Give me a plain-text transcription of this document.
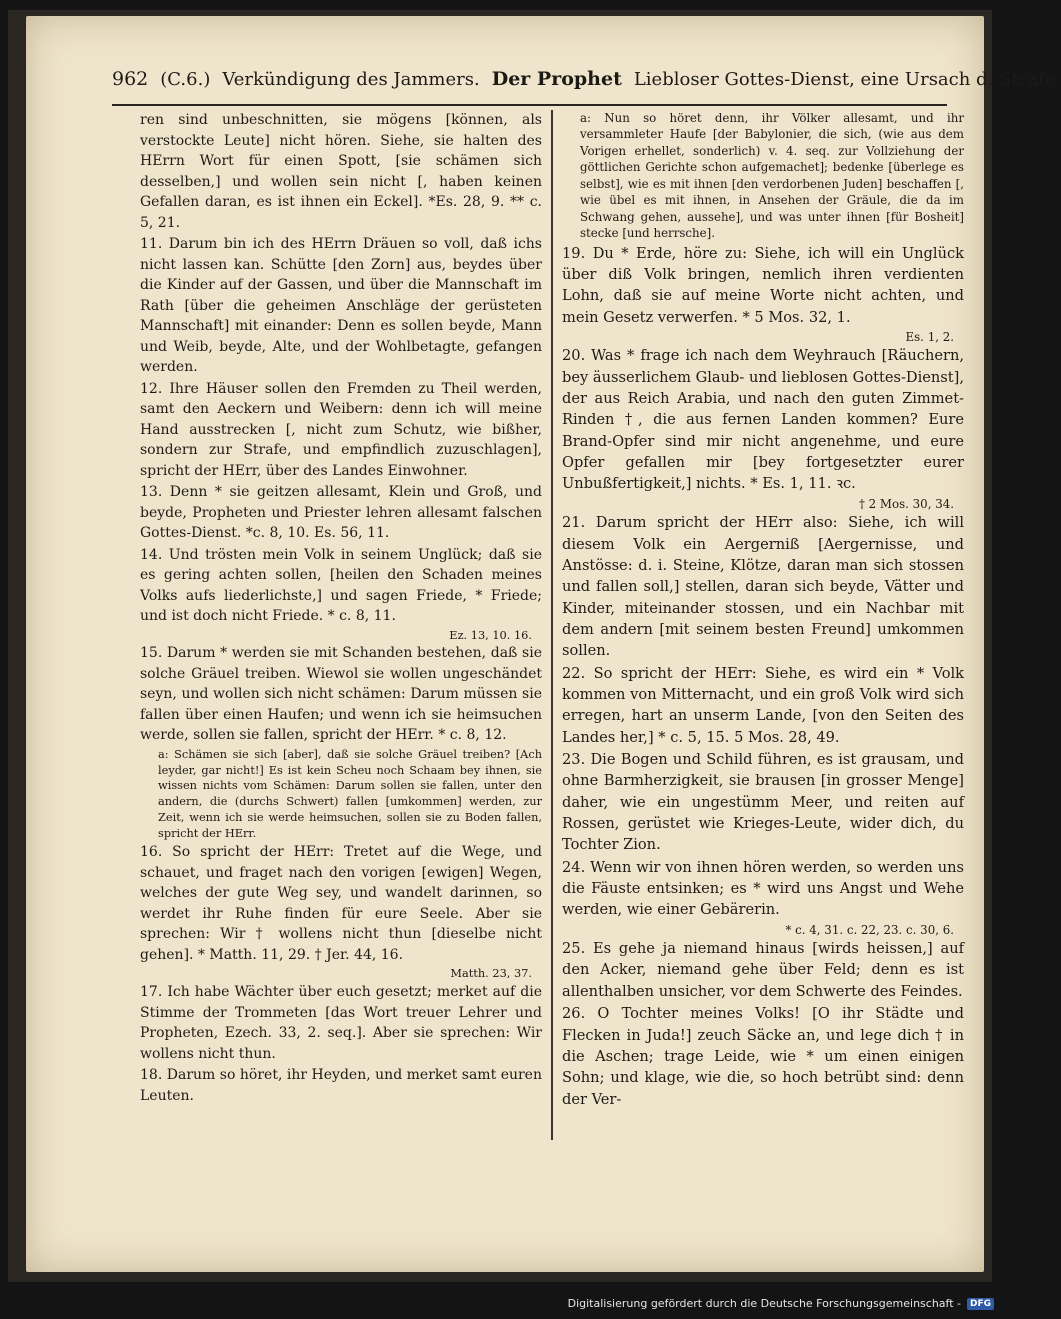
962 (C.6.) Verkündigung des Jammers. Der Prophet Liebloser Gottes-Dienst, eine Ursach d. Strafe.
ren sind unbeschnitten, sie mögens [können, als verstockte Leute] nicht hören. Siehe, sie halten des HErrn Wort für einen Spott, [sie schämen sich desselben,] und wollen sein nicht [, haben keinen Gefallen daran, es ist ihnen ein Eckel]. *Es. 28, 9. ** c. 5, 21.
11. Darum bin ich des HErrn Dräuen so voll, daß ichs nicht lassen kan. Schütte [den Zorn] aus, beydes über die Kinder auf der Gassen, und über die Mannschaft im Rath [über die geheimen Anschläge der gerüsteten Mannschaft] mit einander: Denn es sollen beyde, Mann und Weib, beyde, Alte, und der Wohlbetagte, gefangen werden.
12. Ihre Häuser sollen den Fremden zu Theil werden, samt den Aeckern und Weibern: denn ich will meine Hand ausstrecken [, nicht zum Schutz, wie bißher, sondern zur Strafe, und empfindlich zuzuschlagen], spricht der HErr, über des Landes Einwohner.
13. Denn * sie geitzen allesamt, Klein und Groß, und beyde, Propheten und Priester lehren allesamt falschen Gottes-Dienst. *c. 8, 10. Es. 56, 11.
14. Und trösten mein Volk in seinem Unglück; daß sie es gering achten sollen, [heilen den Schaden meines Volks aufs liederlichste,] und sagen Friede, * Friede; und ist doch nicht Friede. * c. 8, 11.
Ez. 13, 10. 16.
15. Darum * werden sie mit Schanden bestehen, daß sie solche Gräuel treiben. Wiewol sie wollen ungeschändet seyn, und wollen sich nicht schämen: Darum müssen sie fallen über einen Haufen; und wenn ich sie heimsuchen werde, sollen sie fallen, spricht der HErr. * c. 8, 12.
a: Schämen sie sich [aber], daß sie solche Gräuel treiben? [Ach leyder, gar nicht!] Es ist kein Scheu noch Schaam bey ihnen, sie wissen nichts vom Schämen: Darum sollen sie fallen, unter den andern, die (durchs Schwert) fallen [umkommen] werden, zur Zeit, wenn ich sie werde heimsuchen, sollen sie zu Boden fallen, spricht der HErr.
16. So spricht der HErr: Tretet auf die Wege, und schauet, und fraget nach den vorigen [ewigen] Wegen, welches der gute Weg sey, und wandelt darinnen, so werdet ihr Ruhe finden für eure Seele. Aber sie sprechen: Wir † wollens nicht thun [dieselbe nicht gehen]. * Matth. 11, 29. † Jer. 44, 16.
Matth. 23, 37.
17. Ich habe Wächter über euch gesetzt; merket auf die Stimme der Trommeten [das Wort treuer Lehrer und Propheten, Ezech. 33, 2. seq.]. Aber sie sprechen: Wir wollens nicht thun.
18. Darum so höret, ihr Heyden, und merket samt euren Leuten.
a: Nun so höret denn, ihr Völker allesamt, und ihr versammleter Haufe [der Babylonier, die sich, (wie aus dem Vorigen erhellet, sonderlich) v. 4. seq. zur Vollziehung der göttlichen Gerichte schon aufgemachet]; bedenke [überlege es selbst], wie es mit ihnen [den verdorbenen Juden] beschaffen [, wie übel es mit ihnen, in Ansehen der Gräule, die da im Schwang gehen, aussehe], und was unter ihnen [für Bosheit] stecke [und herrsche].
19. Du * Erde, höre zu: Siehe, ich will ein Unglück über diß Volk bringen, nemlich ihren verdienten Lohn, daß sie auf meine Worte nicht achten, und mein Gesetz verwerfen. * 5 Mos. 32, 1.
Es. 1, 2.
20. Was * frage ich nach dem Weyhrauch [Räuchern, bey äusserlichem Glaub- und lieblosen Gottes-Dienst], der aus Reich Arabia, und nach den guten Zimmet-Rinden †, die aus fernen Landen kommen? Eure Brand-Opfer sind mir nicht angenehme, und eure Opfer gefallen mir [bey fortgesetzter eurer Unbußfertigkeit,] nichts. * Es. 1, 11. ꝛc.
† 2 Mos. 30, 34.
21. Darum spricht der HErr also: Siehe, ich will diesem Volk ein Aergerniß [Aergernisse, und Anstösse: d. i. Steine, Klötze, daran man sich stossen und fallen soll,] stellen, daran sich beyde, Vätter und Kinder, miteinander stossen, und ein Nachbar mit dem andern [mit seinem besten Freund] umkommen sollen.
22. So spricht der HErr: Siehe, es wird ein * Volk kommen von Mitternacht, und ein groß Volk wird sich erregen, hart an unserm Lande, [von den Seiten des Landes her,] * c. 5, 15. 5 Mos. 28, 49.
23. Die Bogen und Schild führen, es ist grausam, und ohne Barmherzigkeit, sie brausen [in grosser Menge] daher, wie ein ungestümm Meer, und reiten auf Rossen, gerüstet wie Krieges-Leute, wider dich, du Tochter Zion.
24. Wenn wir von ihnen hören werden, so werden uns die Fäuste entsinken; es * wird uns Angst und Wehe werden, wie einer Gebärerin.
* c. 4, 31. c. 22, 23. c. 30, 6.
25. Es gehe ja niemand hinaus [wirds heissen,] auf den Acker, niemand gehe über Feld; denn es ist allenthalben unsicher, vor dem Schwerte des Feindes.
26. O Tochter meines Volks! [O ihr Städte und Flecken in Juda!] zeuch Säcke an, und lege dich † in die Aschen; trage Leide, wie * um einen einigen Sohn; und klage, wie die, so hoch betrübt sind: denn der Ver-
Digitalisierung gefördert durch die Deutsche Forschungsgemeinschaft -	DFG
